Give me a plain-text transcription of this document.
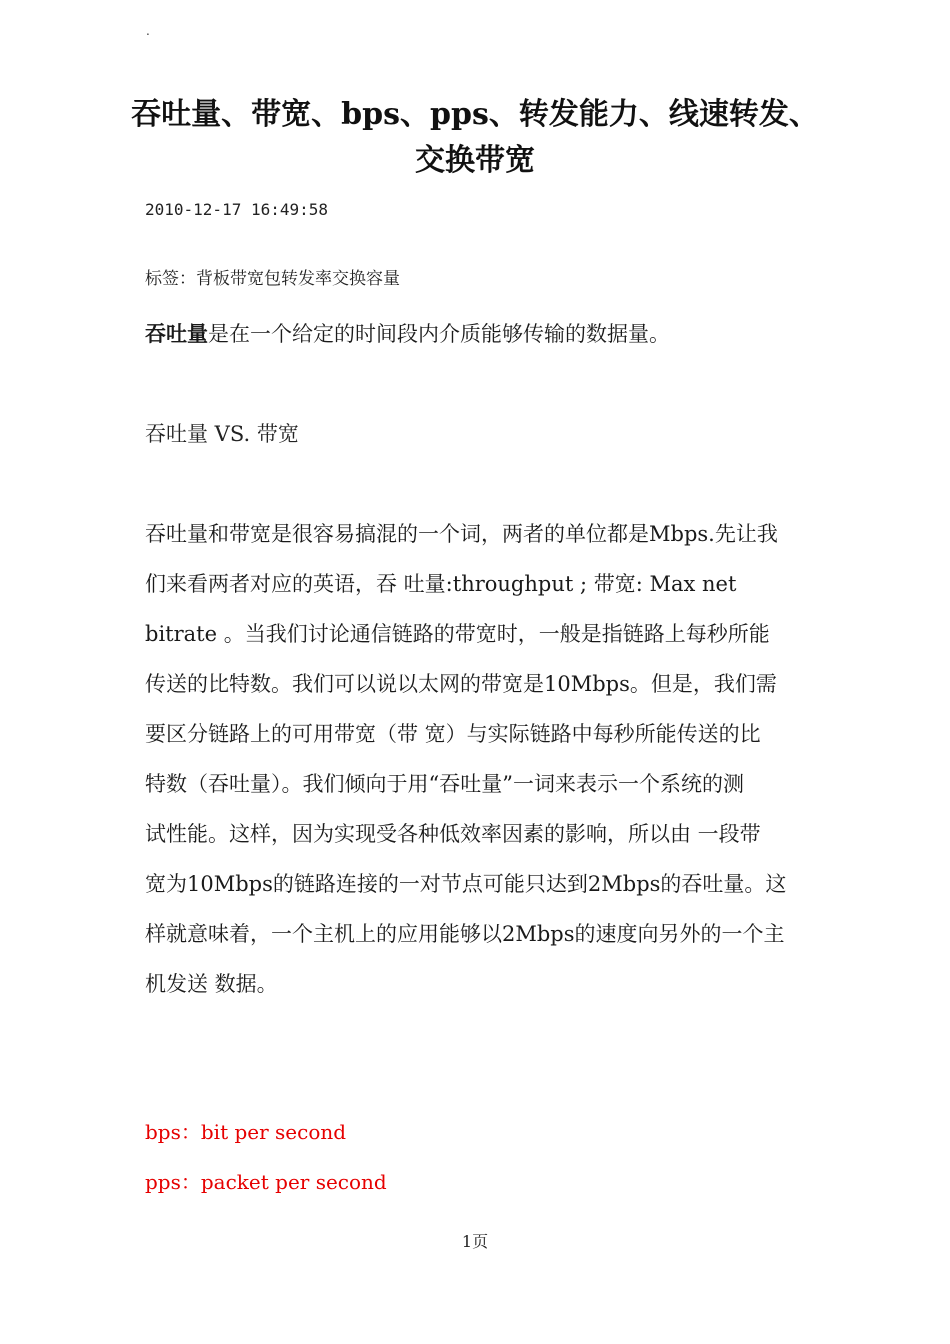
.
吞吐量、带宽、bps、pps、转发能力、线速转发、
交换带宽
2010-12-17 16:49:58
标签：背板带宽包转发率交换容量
吞吐量是在一个给定的时间段内介质能够传输的数据量。
吞吐量 VS. 带宽

吞吐量和带宽是很容易搞混的一个词，两者的单位都是Mbps.先让我
们来看两者对应的英语，吞 吐量:throughput ; 带宽: Max net
bitrate 。当我们讨论通信链路的带宽时，一般是指链路上每秒所能
传送的比特数。我们可以说以太网的带宽是10Mbps。但是，我们需
要区分链路上的可用带宽（带 宽）与实际链路中每秒所能传送的比
特数（吞吐量）。我们倾向于用“吞吐量”一词来表示一个系统的测
试性能。这样，因为实现受各种低效率因素的影响，所以由 一段带
宽为10Mbps的链路连接的一对节点可能只达到2Mbps的吞吐量。这
样就意味着，一个主机上的应用能够以2Mbps的速度向另外的一个主
机发送 数据。

bps：bit per second
pps：packet per second
1页
